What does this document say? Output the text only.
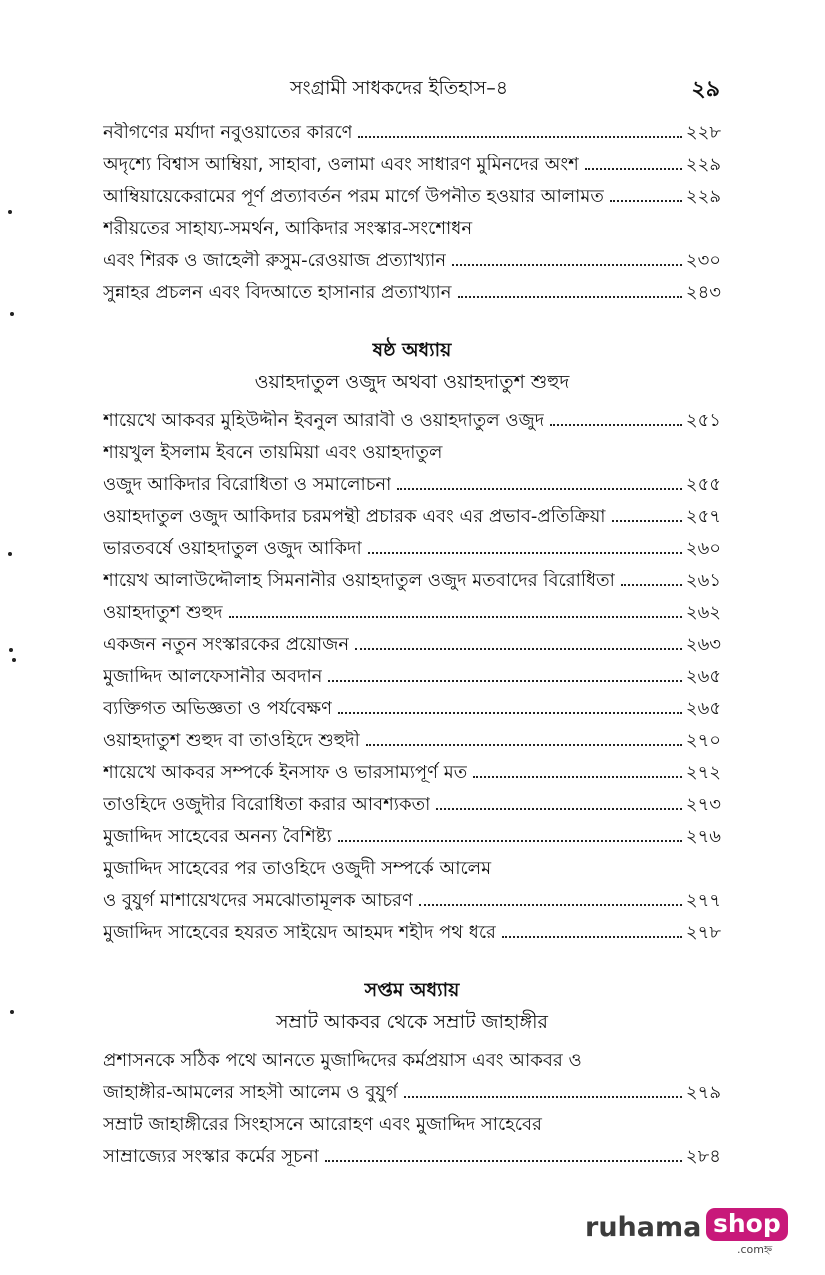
সংগ্রামী সাধকদের ইতিহাস–৪	২৯
নবীগণের মর্যাদা নবুওয়াতের কারণে	২২৮
অদৃশ্যে বিশ্বাস আম্বিয়া, সাহাবা, ওলামা এবং সাধারণ মুমিনদের অংশ	২২৯
আম্বিয়ায়েকেরামের পূর্ণ প্রত্যাবর্তন পরম মার্গে উপনীত হওয়ার আলামত	২২৯
শরীয়তের সাহায্য-সমর্থন, আকিদার সংস্কার-সংশোধন
এবং শিরক ও জাহেলী রুসুম-রেওয়াজ প্রত্যাখ্যান	২৩০
সুন্নাহর প্রচলন এবং বিদআতে হাসানার প্রত্যাখ্যান	২৪৩
ষষ্ঠ অধ্যায়
ওয়াহদাতুল ওজুদ অথবা ওয়াহদাতুশ শুহুদ
শায়েখে আকবর মুহিউদ্দীন ইবনুল আরাবী ও ওয়াহদাতুল ওজুদ	২৫১
শায়খুল ইসলাম ইবনে তায়মিয়া এবং ওয়াহদাতুল
ওজুদ আকিদার বিরোধিতা ও সমালোচনা	২৫৫
ওয়াহদাতুল ওজুদ আকিদার চরমপন্থী প্রচারক এবং এর প্রভাব-প্রতিক্রিয়া	২৫৭
ভারতবর্ষে ওয়াহদাতুল ওজুদ আকিদা	২৬০
শায়েখ আলাউদ্দৌলাহ সিমনানীর ওয়াহদাতুল ওজুদ মতবাদের বিরোধিতা	২৬১
ওয়াহদাতুশ শুহুদ	২৬২
একজন নতুন সংস্কারকের প্রয়োজন	২৬৩
মুজাদ্দিদ আলফেসানীর অবদান	২৬৫
ব্যক্তিগত অভিজ্ঞতা ও পর্যবেক্ষণ	২৬৫
ওয়াহদাতুশ শুহুদ বা তাওহিদে শুহুদী	২৭০
শায়েখে আকবর সম্পর্কে ইনসাফ ও ভারসাম্যপূর্ণ মত	২৭২
তাওহিদে ওজুদীর বিরোধিতা করার আবশ্যকতা	২৭৩
মুজাদ্দিদ সাহেবের অনন্য বৈশিষ্ট্য	২৭৬
মুজাদ্দিদ সাহেবের পর তাওহিদে ওজুদী সম্পর্কে আলেম
ও বুযুর্গ মাশায়েখদের সমঝোতামূলক আচরণ	২৭৭
মুজাদ্দিদ সাহেবের হযরত সাইয়েদ আহমদ শহীদ পথ ধরে	২৭৮
সপ্তম অধ্যায়
সম্রাট আকবর থেকে সম্রাট জাহাঙ্গীর
প্রশাসনকে সঠিক পথে আনতে মুজাদ্দিদের কর্মপ্রয়াস এবং আকবর ও
জাহাঙ্গীর-আমলের সাহসী আলেম ও বুযুর্গ	২৭৯
সম্রাট জাহাঙ্গীরের সিংহাসনে আরোহণ এবং মুজাদ্দিদ সাহেবের
সাম্রাজ্যের সংস্কার কর্মের সূচনা	২৮৪
ruhama shop
.comহ্ন
